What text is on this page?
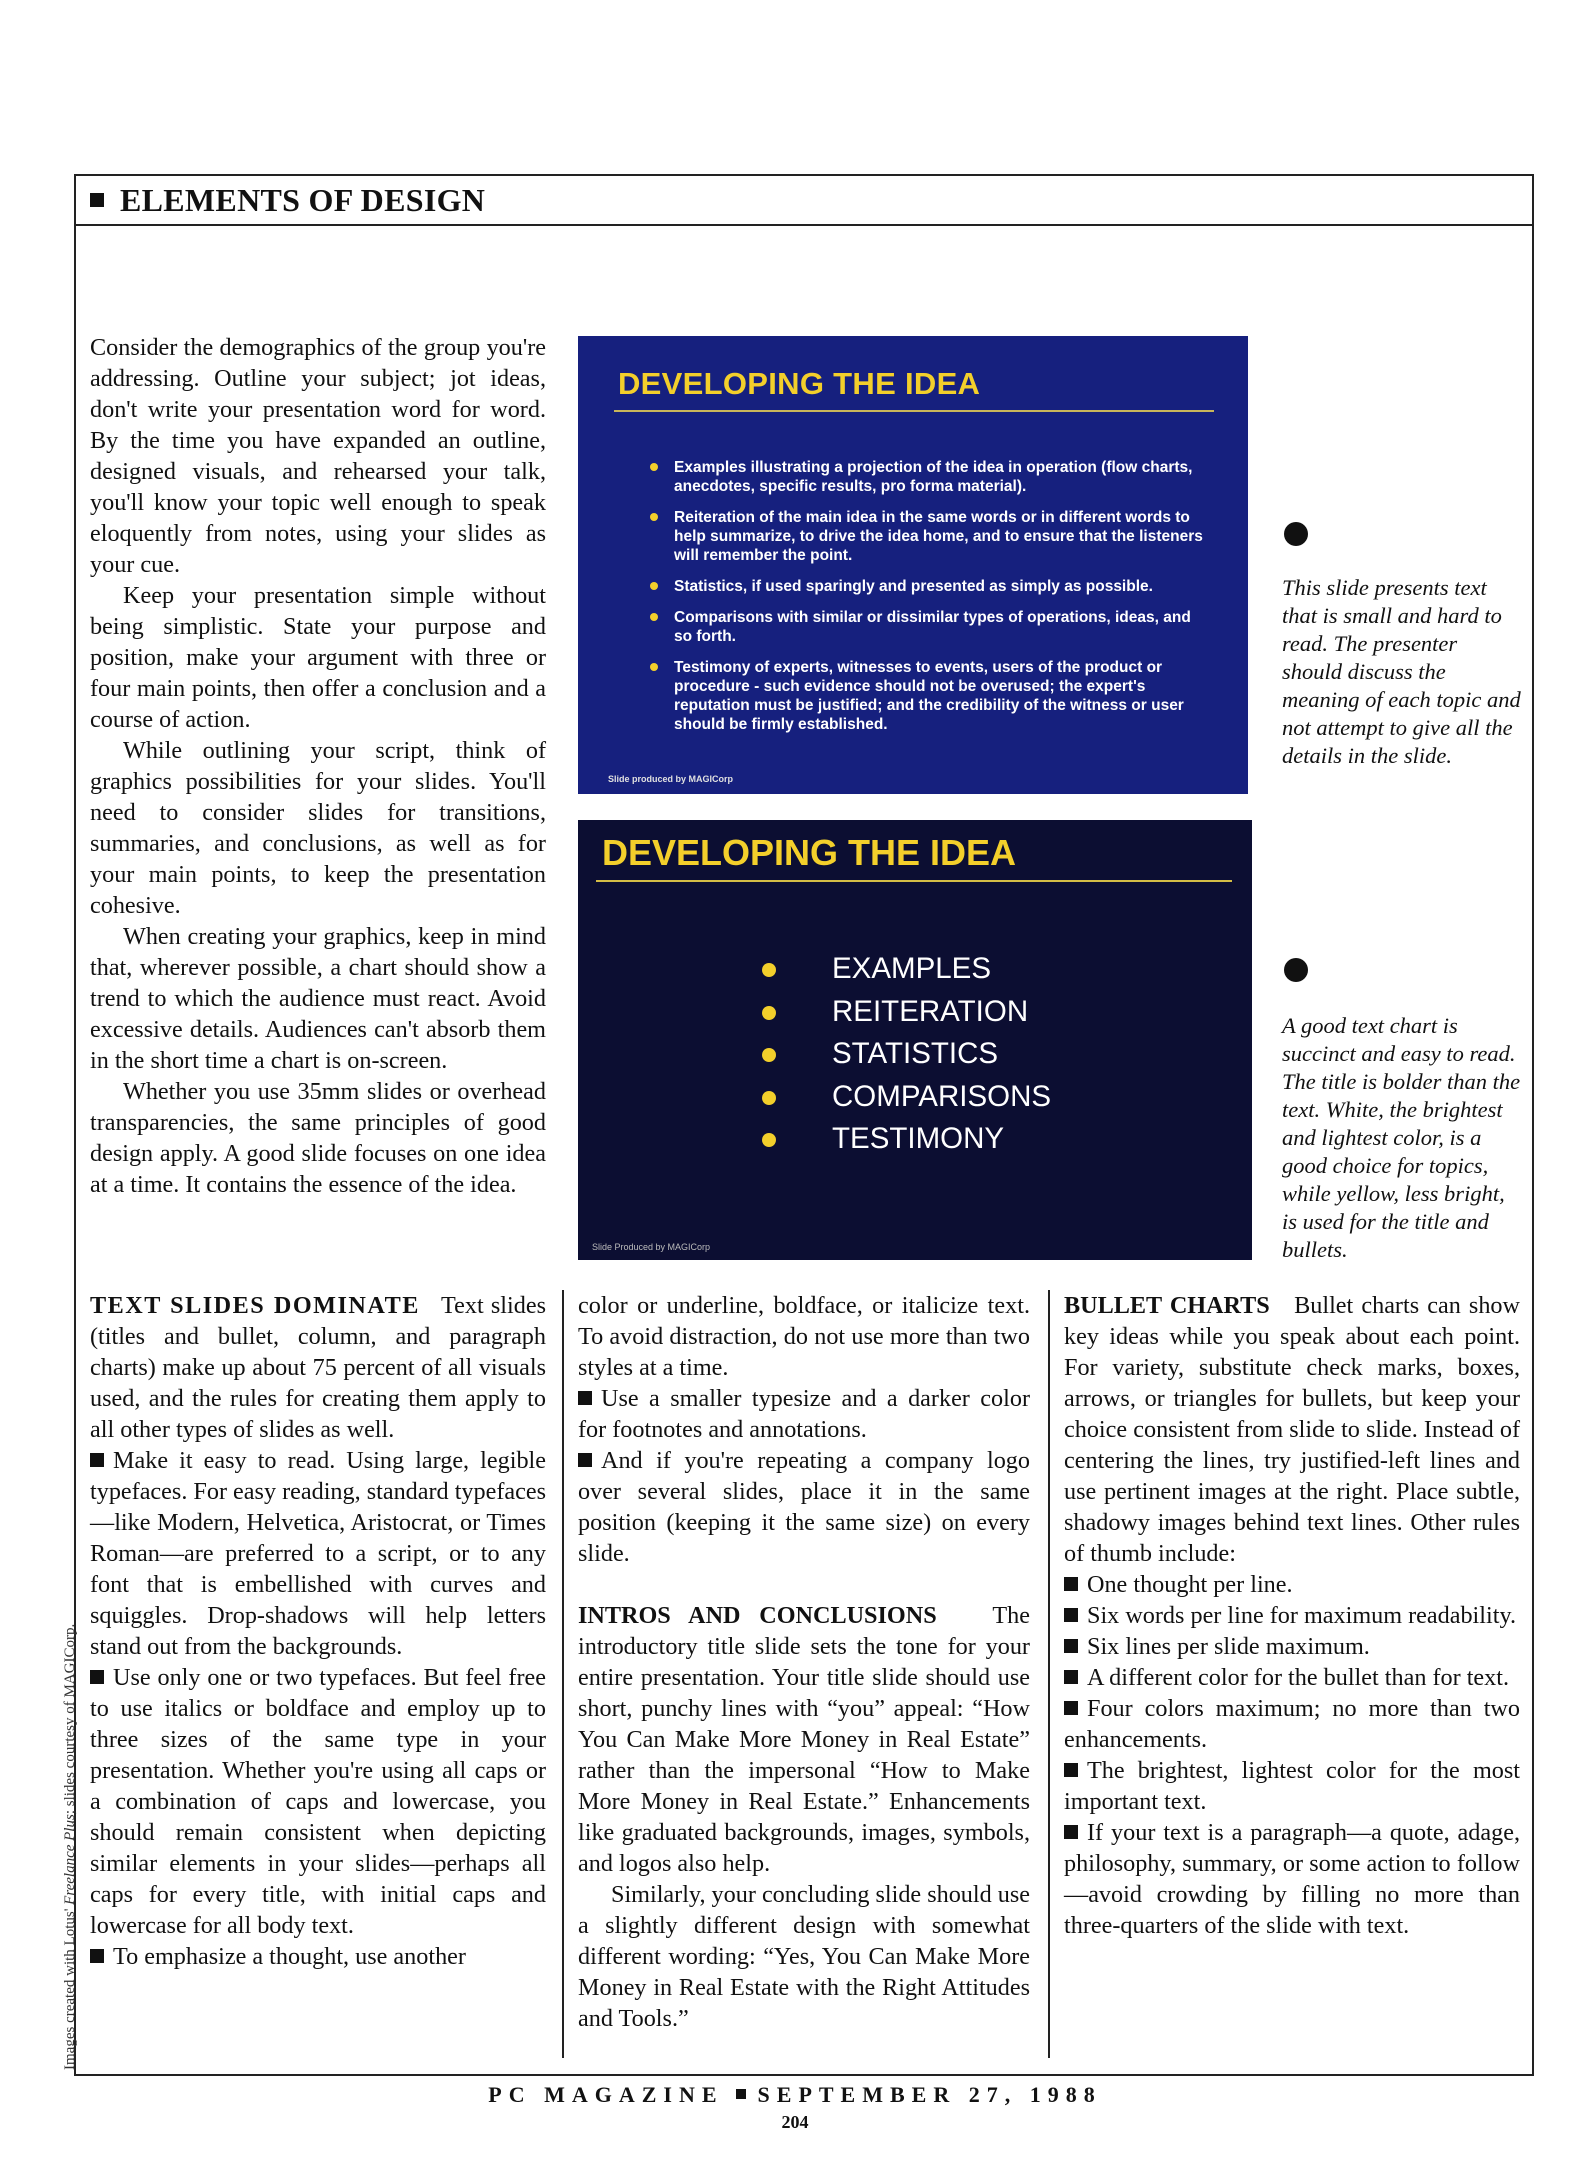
ELEMENTS OF DESIGN

Consider the demographics of the group you're addressing. Outline your subject; jot ideas, don't write your presentation word for word. By the time you have expanded an outline, designed visuals, and rehearsed your talk, you'll know your topic well enough to speak eloquently from notes, using your slides as your cue.

Keep your presentation simple without being simplistic. State your purpose and position, make your argument with three or four main points, then offer a conclusion and a course of action.

While outlining your script, think of graphics possibilities for your slides. You'll need to consider slides for transitions, summaries, and conclusions, as well as for your main points, to keep the presentation cohesive.

When creating your graphics, keep in mind that, wherever possible, a chart should show a trend to which the audience must react. Avoid excessive details. Audiences can't absorb them in the short time a chart is on-screen.

Whether you use 35mm slides or overhead transparencies, the same principles of good design apply. A good slide focuses on one idea at a time. It contains the essence of the idea.

DEVELOPING THE IDEA
Examples illustrating a projection of the idea in operation (flow charts, anecdotes, specific results, pro forma material).
Reiteration of the main idea in the same words or in different words to help summarize, to drive the idea home, and to ensure that the listeners will remember the point.
Statistics, if used sparingly and presented as simply as possible.
Comparisons with similar or dissimilar types of operations, ideas, and so forth.
Testimony of experts, witnesses to events, users of the product or procedure - such evidence should not be overused; the expert's reputation must be justified; and the credibility of the witness or user should be firmly established.
Slide produced by MAGICorp
This slide presents text that is small and hard to read. The presenter should discuss the meaning of each topic and not attempt to give all the details in the slide.
DEVELOPING THE IDEA
EXAMPLES
REITERATION
STATISTICS
COMPARISONS
TESTIMONY
Slide Produced by MAGICorp
A good text chart is succinct and easy to read. The title is bolder than the text. White, the brightest and lightest color, is a good choice for topics, while yellow, less bright, is used for the title and bullets.

TEXT SLIDES DOMINATE Text slides (titles and bullet, column, and paragraph charts) make up about 75 percent of all visuals used, and the rules for creating them apply to all other types of slides as well.

Make it easy to read. Using large, legible typefaces. For easy reading, standard typefaces—like Modern, Helvetica, Aristocrat, or Times Roman—are preferred to a script, or to any font that is embellished with curves and squiggles. Drop-shadows will help letters stand out from the backgrounds.

Use only one or two typefaces. But feel free to use italics or boldface and employ up to three sizes of the same type in your presentation. Whether you're using all caps or a combination of caps and lowercase, you should remain consistent when depicting similar elements in your slides—perhaps all caps for every title, with initial caps and lowercase for all body text.

To emphasize a thought, use another

color or underline, boldface, or italicize text. To avoid distraction, do not use more than two styles at a time.

Use a smaller typesize and a darker color for footnotes and annotations.

And if you're repeating a company logo over several slides, place it in the same position (keeping it the same size) on every slide.

INTROS AND CONCLUSIONS The introductory title slide sets the tone for your entire presentation. Your title slide should use short, punchy lines with “you” appeal: “How You Can Make More Money in Real Estate” rather than the impersonal “How to Make More Money in Real Estate.” Enhancements like graduated backgrounds, images, symbols, and logos also help.

Similarly, your concluding slide should use a slightly different design with somewhat different wording: “Yes, You Can Make More Money in Real Estate with the Right Attitudes and Tools.”

BULLET CHARTS Bullet charts can show key ideas while you speak about each point. For variety, substitute check marks, boxes, arrows, or triangles for bullets, but keep your choice consistent from slide to slide. Instead of centering the lines, try justified-left lines and use pertinent images at the right. Place subtle, shadowy images behind text lines. Other rules of thumb include:

One thought per line.

Six words per line for maximum readability.

Six lines per slide maximum.

A different color for the bullet than for text.

Four colors maximum; no more than two enhancements.

The brightest, lightest color for the most important text.

If your text is a paragraph—a quote, adage, philosophy, summary, or some action to follow—avoid crowding by filling no more than three-quarters of the slide with text.

Images created with Lotus' Freelance Plus; slides courtesy of MAGICorp.
PC MAGAZINE SEPTEMBER 27, 1988
204
